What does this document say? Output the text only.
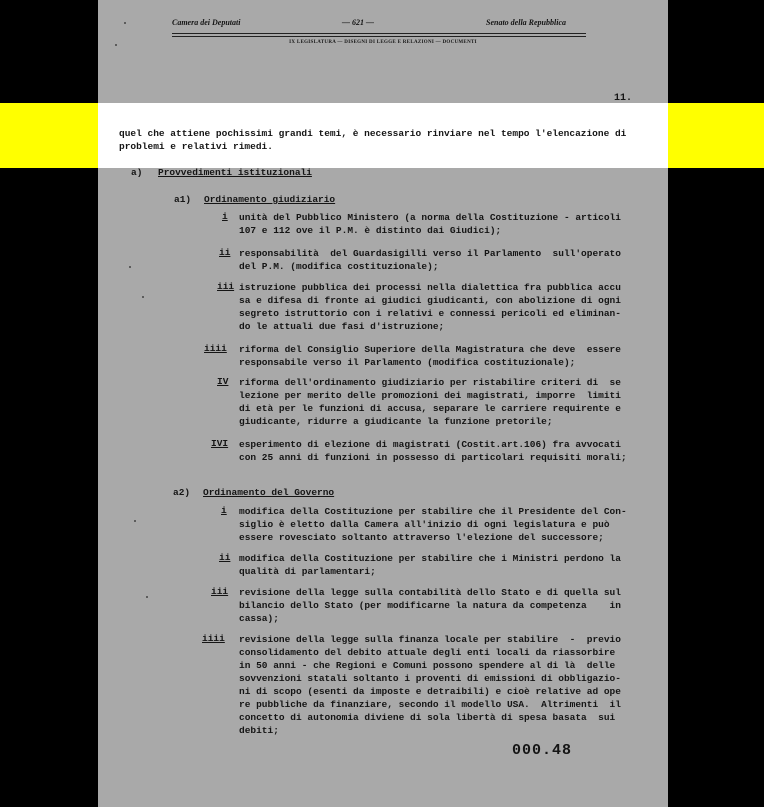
Camera dei Deputati	— 621 —	Senato della Repubblica
IX LEGISLATURA — DISEGNI DI LEGGE E RELAZIONI — DOCUMENTI
11.
quel che attiene pochissimi grandi temi, è necessario rinviare nel tempo l'elencazione di
problemi e relativi rimedi.
a) Provvedimenti istituzionali
a1) Ordinamento giudiziario
i unità del Pubblico Ministero (a norma della Costituzione - articoli
107 e 112 ove il P.M. è distinto dai Giudici);
ii responsabilità  del Guardasigilli verso il Parlamento  sull'operato
del P.M. (modifica costituzionale);
iii istruzione pubblica dei processi nella dialettica fra pubblica accu
sa e difesa di fronte ai giudici giudicanti, con abolizione di ogni
segreto istruttorio con i relativi e connessi pericoli ed eliminan-
do le attuali due fasi d'istruzione;
iiii riforma del Consiglio Superiore della Magistratura che deve  essere
responsabile verso il Parlamento (modifica costituzionale);
IV riforma dell'ordinamento giudiziario per ristabilire criteri di  se
lezione per merito delle promozioni dei magistrati, imporre  limiti
di età per le funzioni di accusa, separare le carriere requirente e
giudicante, ridurre a giudicante la funzione pretorile;
IVI esperimento di elezione di magistrati (Costit.art.106) fra avvocati
con 25 anni di funzioni in possesso di particolari requisiti morali;
a2) Ordinamento del Governo
i modifica della Costituzione per stabilire che il Presidente del Con-
siglio è eletto dalla Camera all'inizio di ogni legislatura e può
essere rovesciato soltanto attraverso l'elezione del successore;
ii modifica della Costituzione per stabilire che i Ministri perdono la
qualità di parlamentari;
iii revisione della legge sulla contabilità dello Stato e di quella sul
bilancio dello Stato (per modificarne la natura da competenza    in
cassa);
iiii revisione della legge sulla finanza locale per stabilire  -  previo
consolidamento del debito attuale degli enti locali da riassorbire
in 50 anni - che Regioni e Comuni possono spendere al di là  delle
sovvenzioni statali soltanto i proventi di emissioni di obbligazio-
ni di scopo (esenti da imposte e detraibili) e cioè relative ad ope
re pubbliche da finanziare, secondo il modello USA.  Altrimenti  il
concetto di autonomia diviene di sola libertà di spesa basata  sui
debiti;
000.48
